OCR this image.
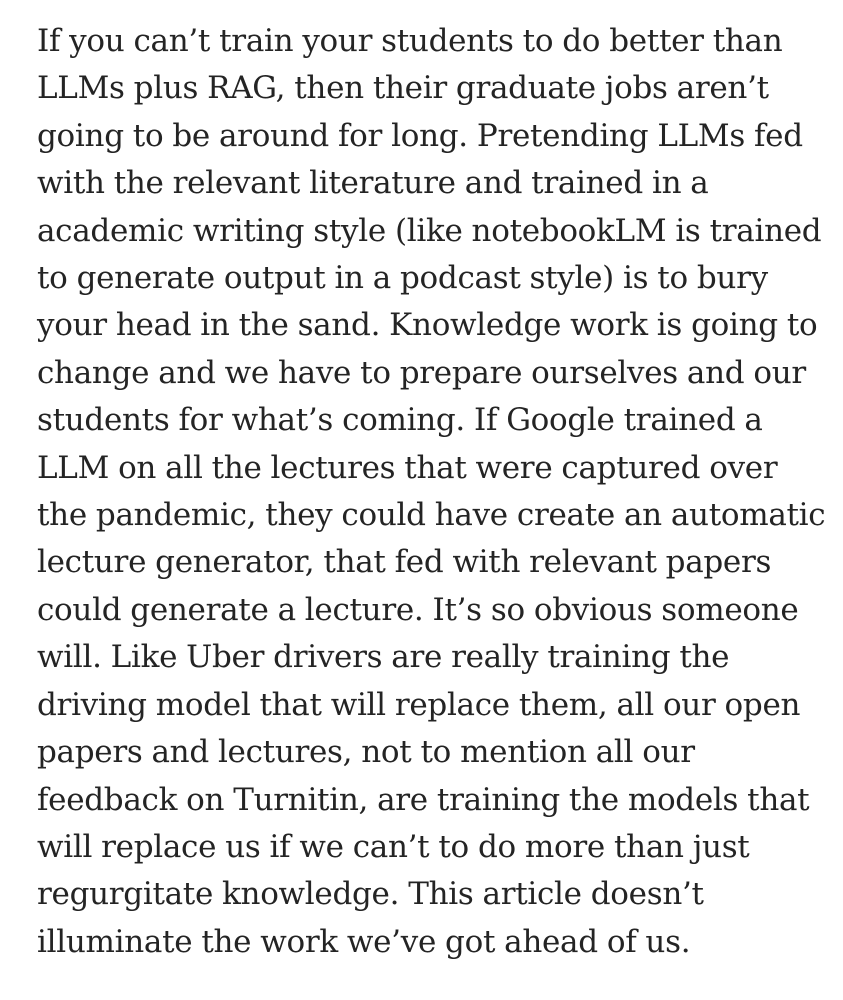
If you can’t train your students to do better than
LLMs plus RAG, then their graduate jobs aren’t
going to be around for long. Pretending LLMs fed
with the relevant literature and trained in a
academic writing style (like notebookLM is trained
to generate output in a podcast style) is to bury
your head in the sand. Knowledge work is going to
change and we have to prepare ourselves and our
students for what’s coming. If Google trained a
LLM on all the lectures that were captured over
the pandemic, they could have create an automatic
lecture generator, that fed with relevant papers
could generate a lecture. It’s so obvious someone
will. Like Uber drivers are really training the
driving model that will replace them, all our open
papers and lectures, not to mention all our
feedback on Turnitin, are training the models that
will replace us if we can’t to do more than just
regurgitate knowledge. This article doesn’t
illuminate the work we’ve got ahead of us.
